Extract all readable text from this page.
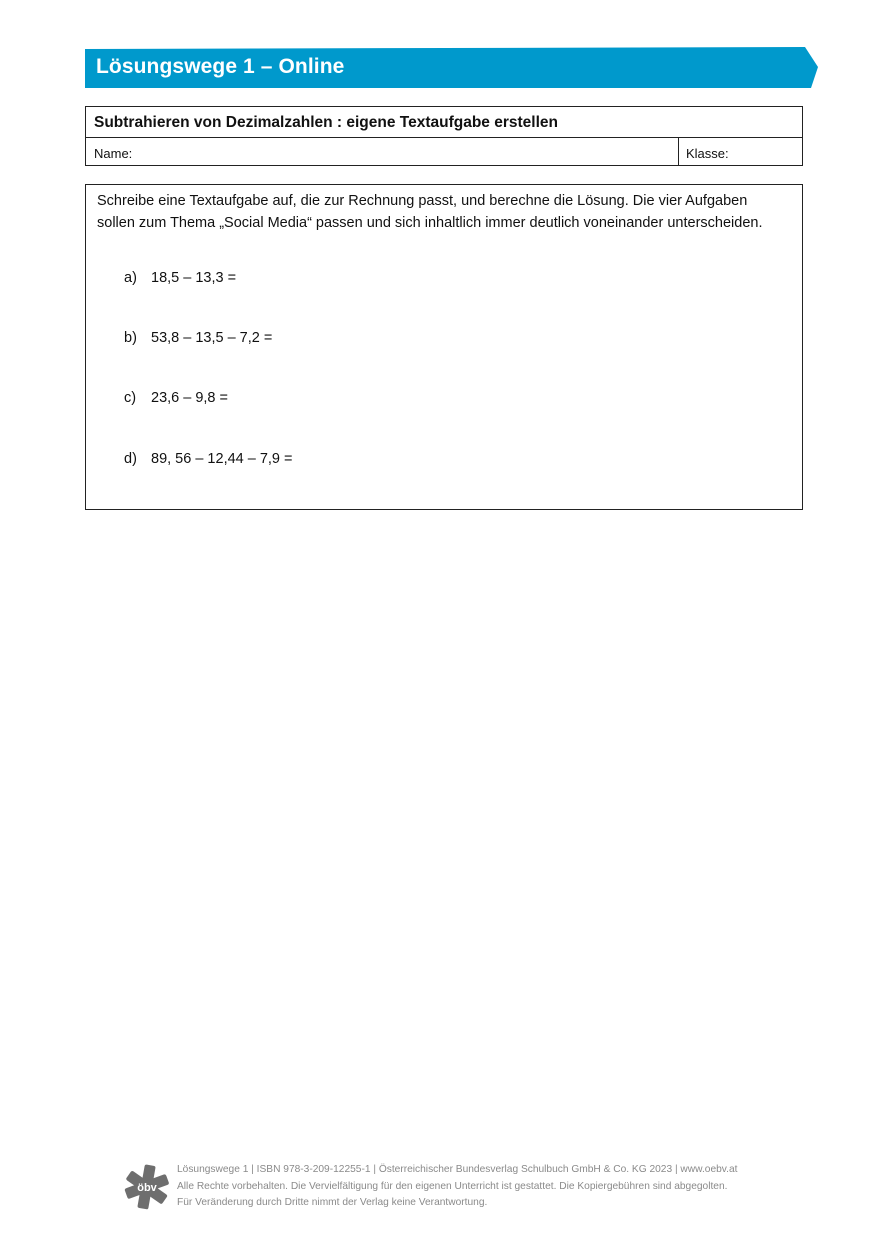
Lösungswege 1 – Online
Subtrahieren von Dezimalzahlen : eigene Textaufgabe erstellen
Name:	Klasse:
Schreibe eine Textaufgabe auf, die zur Rechnung passt, und berechne die Lösung. Die vier Aufgaben sollen zum Thema „Social Media“ passen und sich inhaltlich immer deutlich voneinander unterscheiden.
a) 18,5 – 13,3 =
b) 53,8 – 13,5 – 7,2 =
c) 23,6 – 9,8 =
d) 89, 56 – 12,44 – 7,9 =
öbv
Lösungswege 1 | ISBN 978-3-209-12255-1 | Österreichischer Bundesverlag Schulbuch GmbH & Co. KG 2023 | www.oebv.at
Alle Rechte vorbehalten. Die Vervielfältigung für den eigenen Unterricht ist gestattet. Die Kopiergebühren sind abgegolten.
Für Veränderung durch Dritte nimmt der Verlag keine Verantwortung.
